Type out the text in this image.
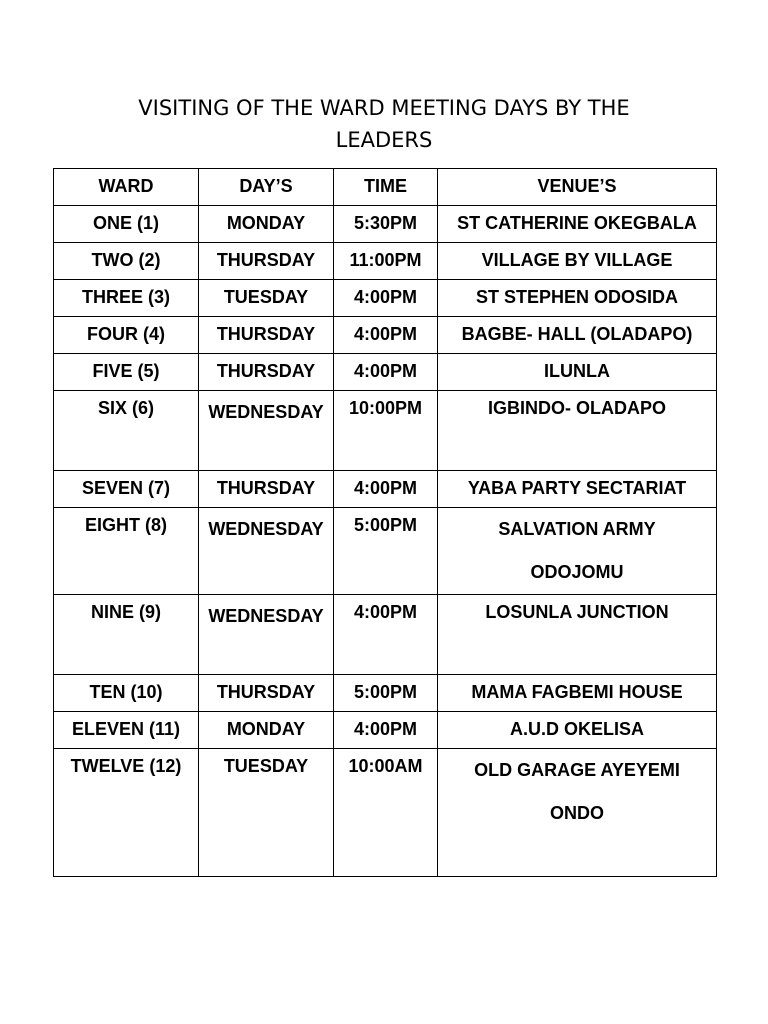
VISITING OF THE WARD MEETING DAYS BY THE
LEADERS
WARD	DAY’S	TIME	VENUE’S
ONE (1)	MONDAY	5:30PM	ST CATHERINE OKEGBALA
TWO (2)	THURSDAY	11:00PM	VILLAGE BY VILLAGE
THREE (3)	TUESDAY	4:00PM	ST STEPHEN ODOSIDA
FOUR (4)	THURSDAY	4:00PM	BAGBE- HALL (OLADAPO)
FIVE (5)	THURSDAY	4:00PM	ILUNLA
SIX (6)	WEDNESDAY	10:00PM	IGBINDO- OLADAPO
SEVEN (7)	THURSDAY	4:00PM	YABA PARTY SECTARIAT
EIGHT (8)	WEDNESDAY	5:00PM	SALVATION ARMY ODOJOMU
NINE (9)	WEDNESDAY	4:00PM	LOSUNLA JUNCTION
TEN (10)	THURSDAY	5:00PM	MAMA FAGBEMI HOUSE
ELEVEN (11)	MONDAY	4:00PM	A.U.D OKELISA
TWELVE (12)	TUESDAY	10:00AM	OLD GARAGE AYEYEMI ONDO
